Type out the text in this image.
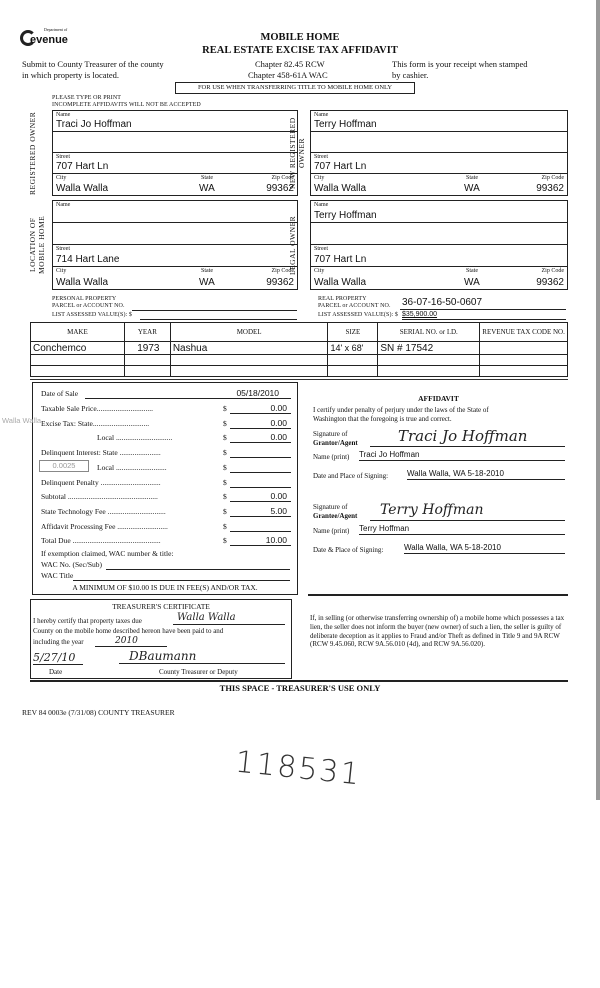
Department of
evenue	MOBILE HOME
REAL ESTATE EXCISE TAX AFFIDAVIT
Submit to County Treasurer of the county
in which property is located.
Chapter 82.45 RCW
Chapter 458-61A WAC
This form is your receipt when stamped
by cashier.
FOR USE WHEN TRANSFERRING TITLE TO MOBILE HOME ONLY
PLEASE TYPE OR PRINT
INCOMPLETE AFFIDAVITS WILL NOT BE ACCEPTED
REGISTERED OWNER	Name
Traci Jo Hoffman
Street
707 Hart Ln
City
Walla Walla
State
WA
Zip Code
99362
NEW REGISTERED OWNER
Name
Terry Hoffman
Street
707 Hart Ln
City
Walla Walla
State
WA
Zip Code
99362
LOCATION OF MOBILE HOME
Name
Street
714 Hart Lane
City
Walla Walla
State
WA
Zip Code
99362
LEGAL OWNER
Name
Terry Hoffman
Street
707 Hart Ln
City
Walla Walla
State
WA
Zip Code
99362
PERSONAL PROPERTY
PARCEL or ACCOUNT NO.
LIST ASSESSED VALUE(S): $
REAL PROPERTY
PARCEL or ACCOUNT NO. 36-07-16-50-0607
LIST ASSESSED VALUE(S): $ $35,900.00
MAKE	YEAR	MODEL	SIZE	SERIAL NO. or I.D.	REVENUE TAX CODE NO.
Conchemco	1973	Nashua	14' x 68'	SN # 17542	

Date of Sale	05/18/2010
Taxable Sale Price..............................	$	0.00
Excise Tax: State..............................	$	0.00
Local ..............................	$	0.00
Delinquent Interest: State ......................	$
Local ...........................	$
Delinquent Penalty ................................	$
Subtotal ................................................	$	0.00
State Technology Fee ...............................	$	5.00
Affidavit Processing Fee ...........................	$
Total Due ...............................................	$	10.00
0.0025
If exemption claimed, WAC number & title:
WAC No. (Sec/Sub)
WAC Title
A MINIMUM OF $10.00 IS DUE IN FEE(S) AND/OR TAX.
Walla Walla
AFFIDAVIT
I certify under penalty of perjury under the laws of the State of
Washington that the foregoing is true and correct.
Signature of
Grantor/Agent	Traci Jo Hoffman
Name (print) Traci Jo Hoffman
Date and Place of Signing: Walla Walla, WA 5-18-2010
Signature of
Grantee/Agent	Terry Hoffman
Name (print) Terry Hoffman
Date & Place of Signing:	Walla Walla, WA 5-18-2010
TREASURER'S CERTIFICATE
I hereby certify that property taxes due	Walla Walla
County on the mobile home described hereon have been paid to and
including the year	2010
5/27/10	DBaumann
Date	County Treasurer or Deputy
If, in selling (or otherwise transferring ownership of) a mobile home which possesses a tax lien, the seller does not inform the buyer (new owner) of such a lien, the seller is guilty of deliberate deception as it applies to Fraud and/or Theft as defined in Title 9 and 9A RCW (RCW 9.45.060, RCW 9A.56.010 (4d), and RCW 9A.56.020).
THIS SPACE - TREASURER'S USE ONLY
REV 84 0003e (7/31/08) COUNTY TREASURER
118531
